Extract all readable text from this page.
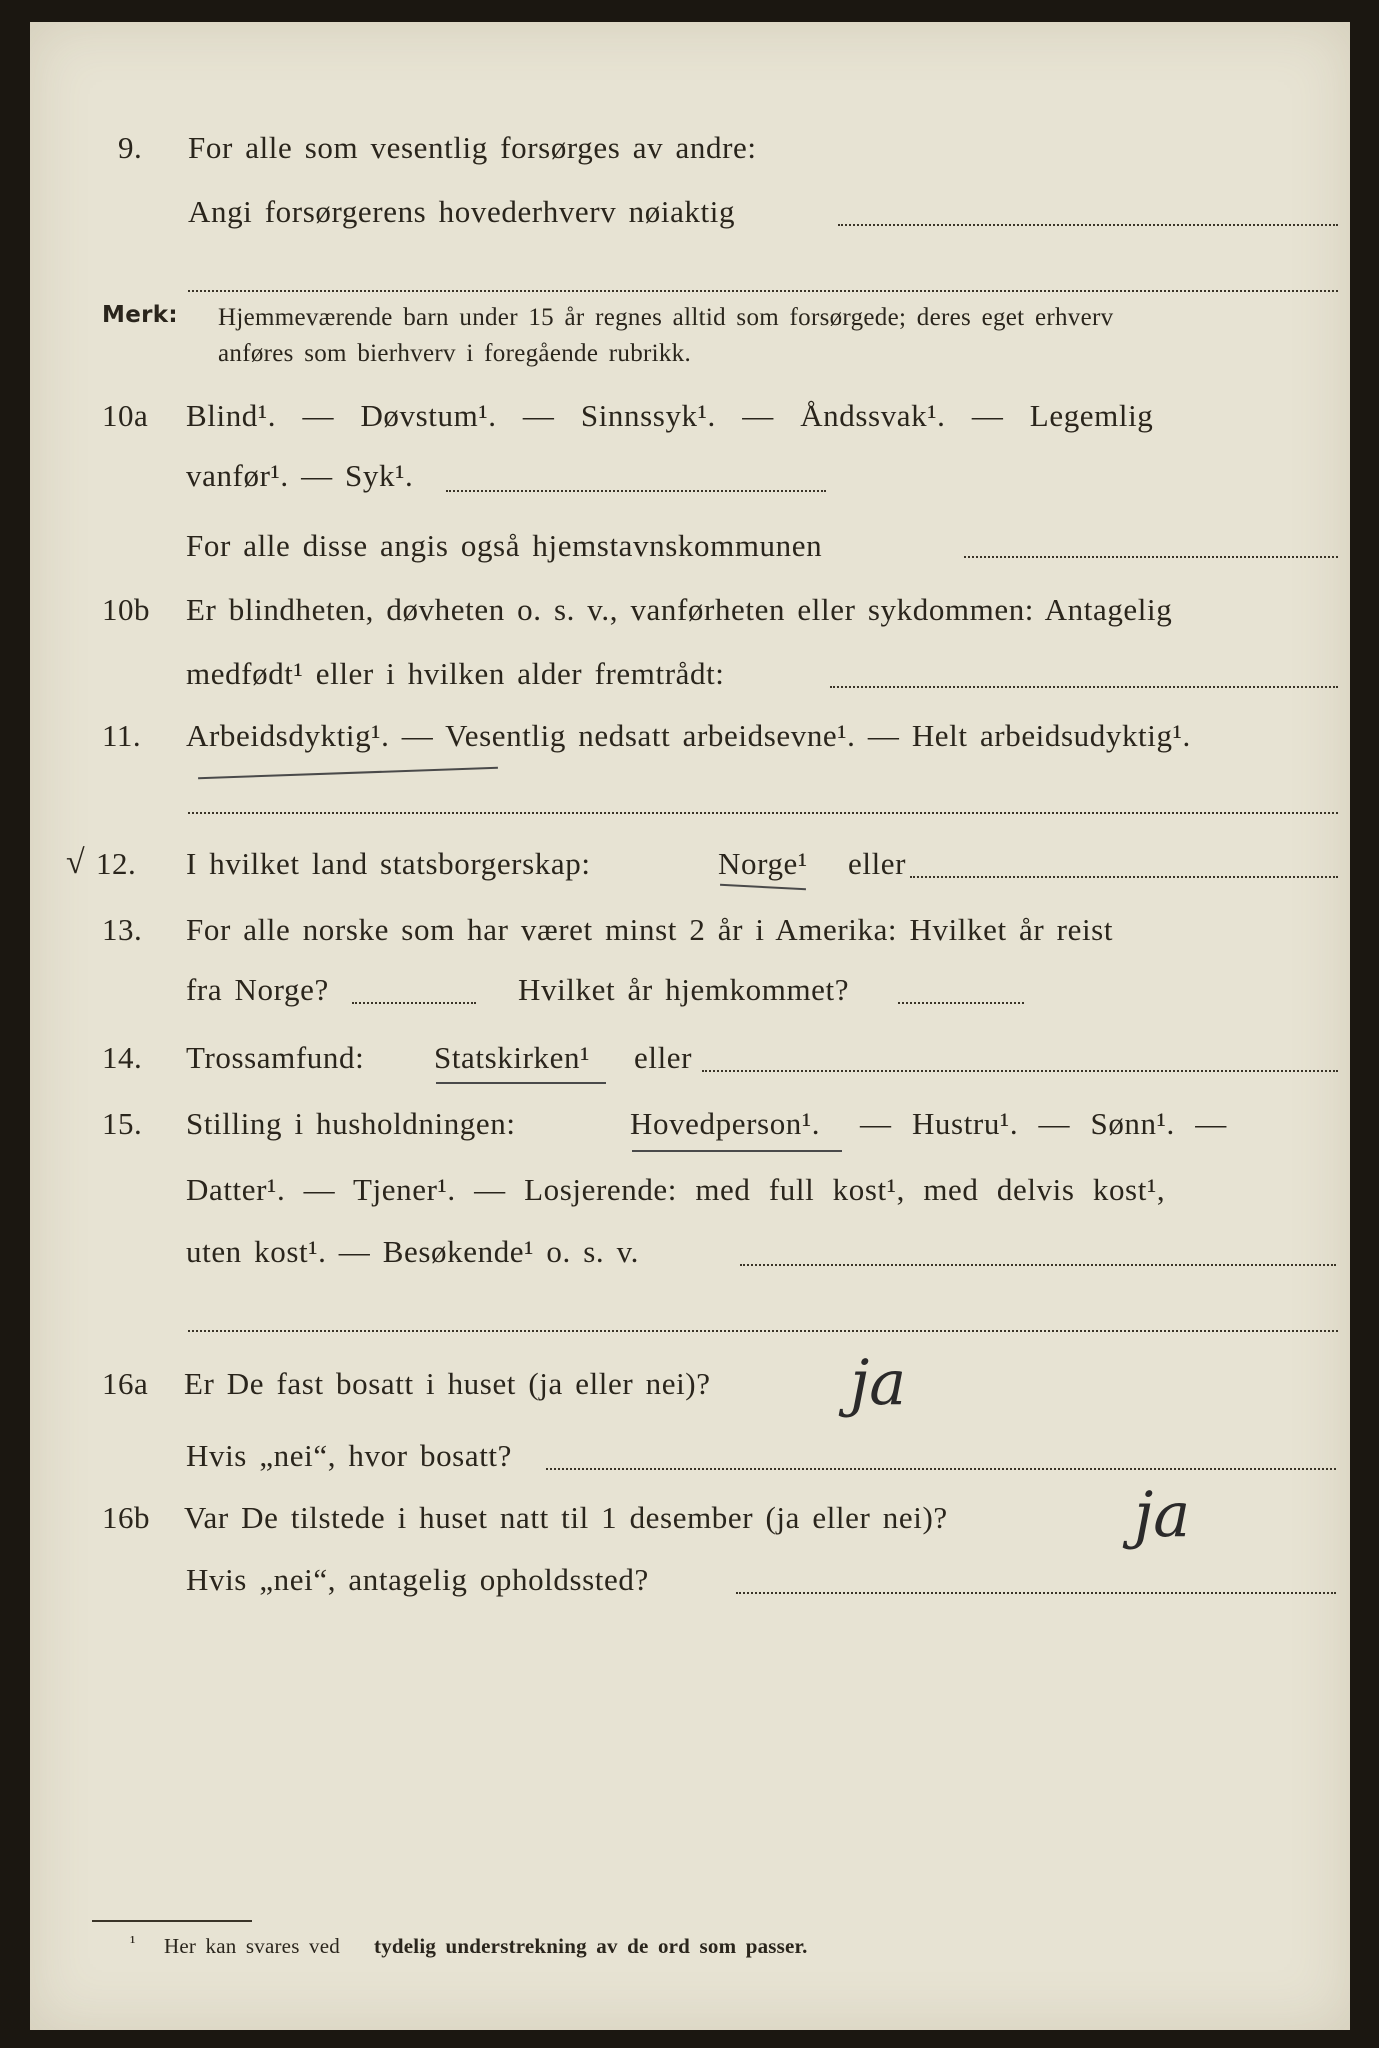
9. For alle som vesentlig forsørges av andre:
Angi forsørgerens hovederhverv nøiaktig
Merk: Hjemmeværende barn under 15 år regnes alltid som forsørgede; deres eget erhverv
anføres som bierhverv i foregående rubrikk.
10a Blind¹. — Døvstum¹. — Sinnssyk¹. — Åndssvak¹. — Legemlig
vanfør¹. — Syk¹.
For alle disse angis også hjemstavnskommunen
10b Er blindheten, døvheten o. s. v., vanførheten eller sykdommen: Antagelig
medfødt¹ eller i hvilken alder fremtrådt:
11. Arbeidsdyktig¹. — Vesentlig nedsatt arbeidsevne¹. — Helt arbeidsudyktig¹.
√ 12. I hvilket land statsborgerskap:	Norge¹ eller
13. For alle norske som har været minst 2 år i Amerika: Hvilket år reist
fra Norge?	Hvilket år hjemkommet?
14. Trossamfund: Statskirken¹ eller
15. Stilling i husholdningen:	Hovedperson¹. — Hustru¹. — Sønn¹. —
Datter¹. — Tjener¹. — Losjerende: med full kost¹, med delvis kost¹,
uten kost¹. — Besøkende¹ o. s. v.
16a Er De fast bosatt i huset (ja eller nei)? ja
Hvis „nei“, hvor bosatt?
16b Var De tilstede i huset natt til 1 desember (ja eller nei)?	ja
Hvis „nei“, antagelig opholdssted?
¹ Her kan svares ved tydelig understrekning av de ord som passer.
